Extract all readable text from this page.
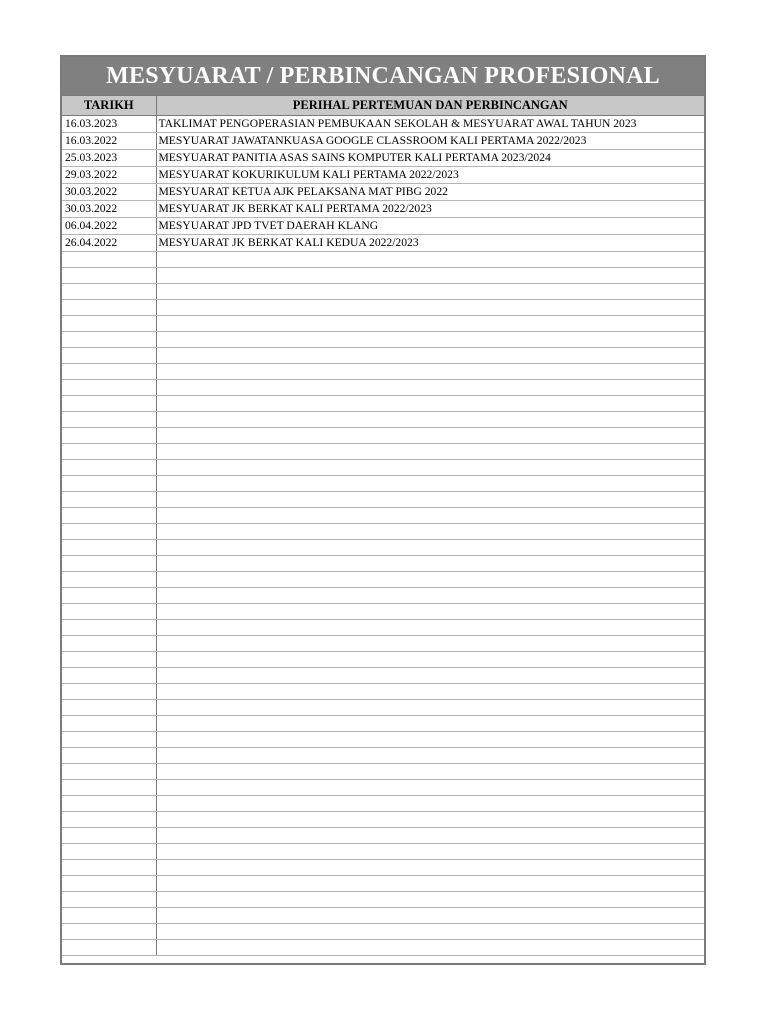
MESYUARAT / PERBINCANGAN PROFESIONAL
TARIKH	PERIHAL PERTEMUAN DAN PERBINCANGAN
16.03.2023	TAKLIMAT PENGOPERASIAN PEMBUKAAN SEKOLAH & MESYUARAT AWAL TAHUN 2023
16.03.2022	MESYUARAT JAWATANKUASA GOOGLE CLASSROOM KALI PERTAMA 2022/2023
25.03.2023	MESYUARAT PANITIA ASAS SAINS KOMPUTER KALI PERTAMA 2023/2024
29.03.2022	MESYUARAT KOKURIKULUM KALI PERTAMA 2022/2023
30.03.2022	MESYUARAT KETUA AJK PELAKSANA MAT PIBG 2022
30.03.2022	MESYUARAT JK BERKAT KALI PERTAMA 2022/2023
06.04.2022	MESYUARAT JPD TVET DAERAH KLANG
26.04.2022	MESYUARAT JK BERKAT KALI KEDUA 2022/2023
